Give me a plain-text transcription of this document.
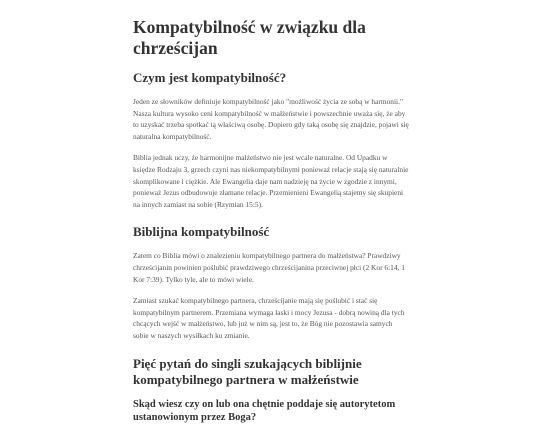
Kompatybilność w związku dla chrześcijan
Czym jest kompatybilność?

Jeden ze słowników definiuje kompatybilność jako "możliwość życia ze sobą w harmonii." Nasza kultura wysoko ceni kompatybilność w małżeństwie i powszechnie uważa się, że aby to uzyskać trzeba spotkać tą właściwą osobę. Dopiero gdy taką osobę się znajdzie, pojawi się naturalna kompatybilność.

Biblia jednak uczy, że harmonijne małżeństwo nie jest wcale naturalne. Od Upadku w księdze Rodzaju 3, grzech czyni nas niekompatybilnymi ponieważ relacje stają się naturalnie skomplikowane i ciężkie. Ale Ewangelia daje nam nadzieję na życie w zgodzie z innymi, ponieważ Jezus odbudowuje złamane relacje. Przemienieni Ewangelią stajemy się skupieni na innych zamiast na sobie (Rzymian 15:5).

Biblijna kompatybilność

Zatem co Biblia mówi o znalezieniu kompatybilnego partnera do małżeństwa? Prawdziwy chrześcijanin powinien poślubić prawdziwego chrześcijanina przeciwnej płci (2 Kor 6:14, 1 Kor 7:39). Tylko tyle, ale to mówi wiele.

Zamiast szukać kompatybilnego partnera, chrześcijanie mają się poślubić i stać się kompatybilnym partnerem. Przemiana wymaga łaski i mocy Jezusa - dobrą nowiną dla tych chcących wejść w małżeństwo, lub już w nim są, jest to, że Bóg nie pozostawia samych sobie w naszych wysiłkach ku zmianie.

Pięć pytań do singli szukających biblijnie kompatybilnego partnera w małżeństwie
Skąd wiesz czy on lub ona chętnie poddaje się autorytetom ustanowionym przez Boga?
